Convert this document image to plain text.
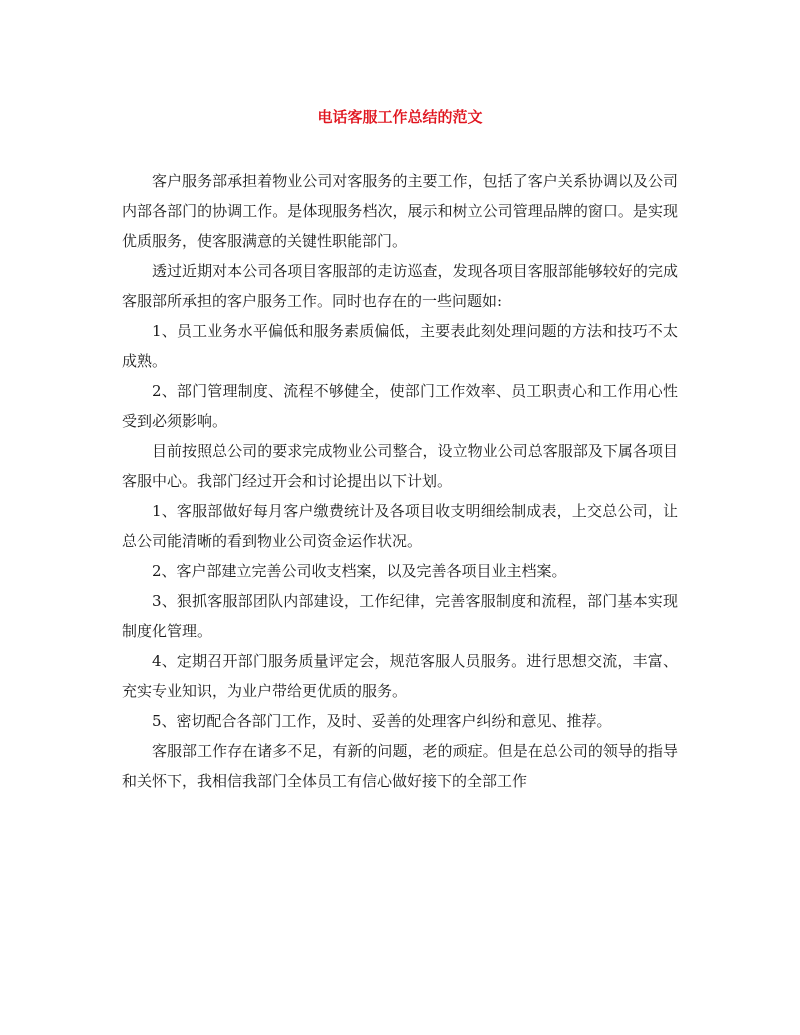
电话客服工作总结的范文

客户服务部承担着物业公司对客服务的主要工作，包括了客户关系协调以及公司内部各部门的协调工作。是体现服务档次，展示和树立公司管理品牌的窗口。是实现优质服务，使客服满意的关键性职能部门。

透过近期对本公司各项目客服部的走访巡查，发现各项目客服部能够较好的完成客服部所承担的客户服务工作。同时也存在的一些问题如:

1、员工业务水平偏低和服务素质偏低，主要表此刻处理问题的方法和技巧不太成熟。

2、部门管理制度、流程不够健全，使部门工作效率、员工职责心和工作用心性受到必须影响。

目前按照总公司的要求完成物业公司整合，设立物业公司总客服部及下属各项目客服中心。我部门经过开会和讨论提出以下计划。

1、客服部做好每月客户缴费统计及各项目收支明细绘制成表，上交总公司，让总公司能清晰的看到物业公司资金运作状况。

2、客户部建立完善公司收支档案，以及完善各项目业主档案。

3、狠抓客服部团队内部建设，工作纪律，完善客服制度和流程，部门基本实现制度化管理。

4、定期召开部门服务质量评定会，规范客服人员服务。进行思想交流，丰富、充实专业知识，为业户带给更优质的服务。

5、密切配合各部门工作，及时、妥善的处理客户纠纷和意见、推荐。

客服部工作存在诸多不足，有新的问题，老的顽症。但是在总公司的领导的指导和关怀下，我相信我部门全体员工有信心做好接下的全部工作
